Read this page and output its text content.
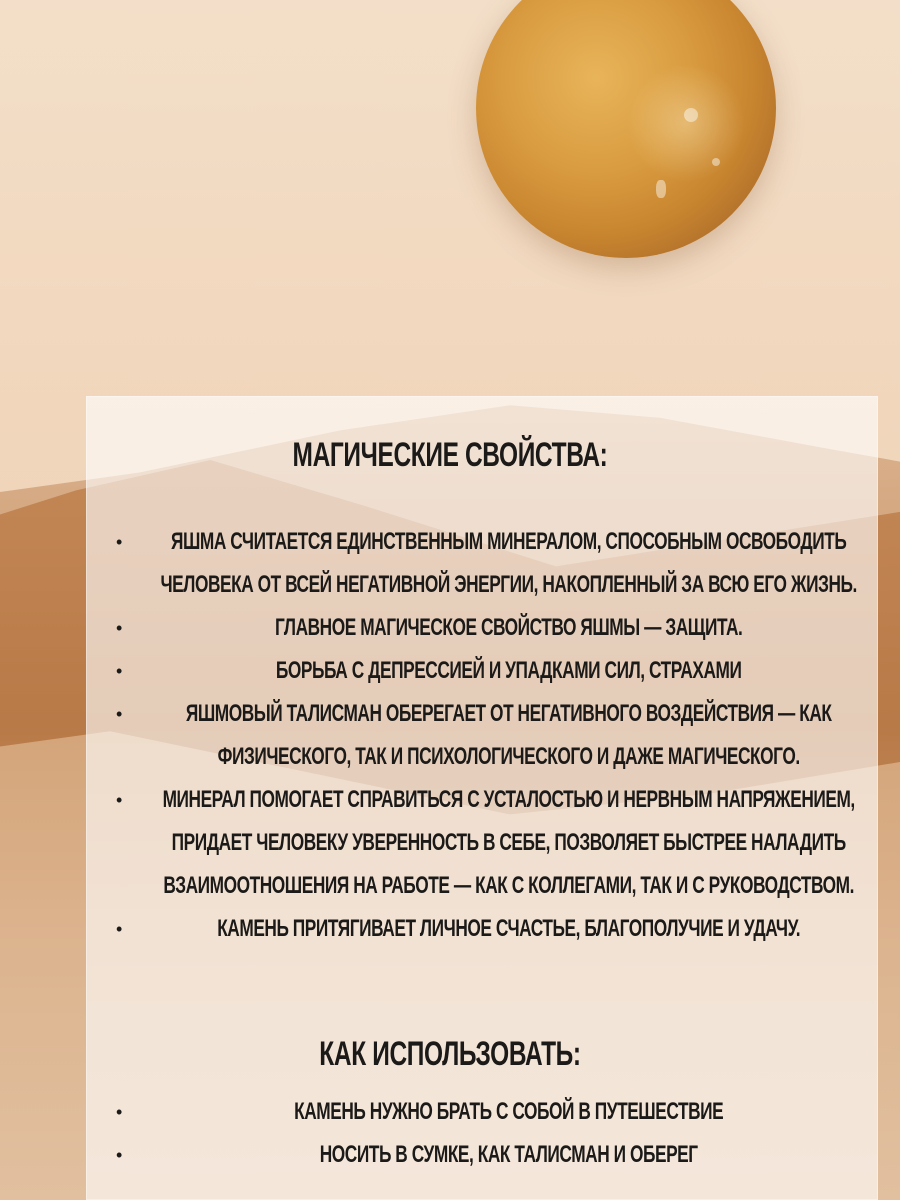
МАГИЧЕСКИЕ СВОЙСТВА:
•	ЯШМА СЧИТАЕТСЯ ЕДИНСТВЕННЫМ МИНЕРАЛОМ, СПОСОБНЫМ ОСВОБОДИТЬ ЧЕЛОВЕКА ОТ ВСЕЙ НЕГАТИВНОЙ ЭНЕРГИИ, НАКОПЛЕННЫЙ ЗА ВСЮ ЕГО ЖИЗНЬ.
•	ГЛАВНОЕ МАГИЧЕСКОЕ СВОЙСТВО ЯШМЫ — ЗАЩИТА.
•	БОРЬБА С ДЕПРЕССИЕЙ И УПАДКАМИ СИЛ, СТРАХАМИ
•	ЯШМОВЫЙ ТАЛИСМАН ОБЕРЕГАЕТ ОТ НЕГАТИВНОГО ВОЗДЕЙСТВИЯ — КАК ФИЗИЧЕСКОГО, ТАК И ПСИХОЛОГИЧЕСКОГО И ДАЖЕ МАГИЧЕСКОГО.
•	МИНЕРАЛ ПОМОГАЕТ СПРАВИТЬСЯ С УСТАЛОСТЬЮ И НЕРВНЫМ НАПРЯЖЕНИЕМ, ПРИДАЕТ ЧЕЛОВЕКУ УВЕРЕННОСТЬ В СЕБЕ, ПОЗВОЛЯЕТ БЫСТРЕЕ НАЛАДИТЬ ВЗАИМООТНОШЕНИЯ НА РАБОТЕ — КАК С КОЛЛЕГАМИ, ТАК И С РУКОВОДСТВОМ.
•	КАМЕНЬ ПРИТЯГИВАЕТ ЛИЧНОЕ СЧАСТЬЕ, БЛАГОПОЛУЧИЕ И УДАЧУ.
КАК ИСПОЛЬЗОВАТЬ:
•	КАМЕНЬ НУЖНО БРАТЬ С СОБОЙ В ПУТЕШЕСТВИЕ
•	НОСИТЬ В СУМКЕ, КАК ТАЛИСМАН И ОБЕРЕГ
